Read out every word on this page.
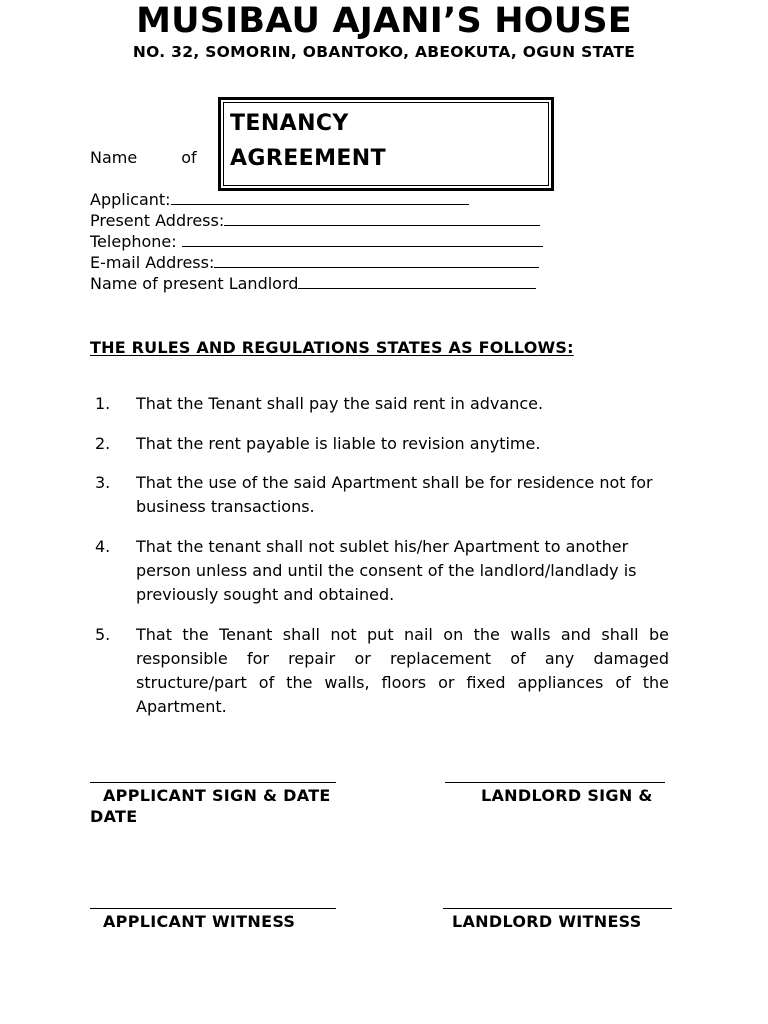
MUSIBAU AJANI’S HOUSE
NO. 32, SOMORIN, OBANTOKO, ABEOKUTA, OGUN STATE
TENANCY
AGREEMENT
Name	of
Applicant:
Present Address:
Telephone:
E-mail Address:
Name of present Landlord
THE RULES AND REGULATIONS STATES AS FOLLOWS:
1. That the Tenant shall pay the said rent in advance.
2. That the rent payable is liable to revision anytime.
3. That the use of the said Apartment shall be for residence not for business transactions.
4. That the tenant shall not sublet his/her Apartment to another person unless and until the consent of the landlord/landlady is previously sought and obtained.
5. That the Tenant shall not put nail on the walls and shall be responsible for repair or replacement of any damaged structure/part of the walls, floors or fixed appliances of the Apartment.
APPLICANT SIGN & DATE	LANDLORD SIGN &
DATE
APPLICANT WITNESS	LANDLORD WITNESS
